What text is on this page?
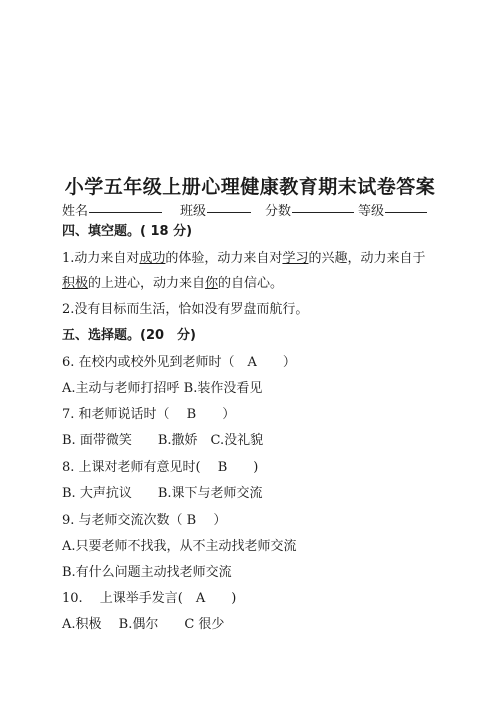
小学五年级上册心理健康教育期末试卷答案
姓名	班级	分数	等级
四、填空题。( 18 分)
1.动力来自对成功的体验，动力来自对学习的兴趣，动力来自于
积极的上进心，动力来自你的自信心。
2.没有目标而生活，恰如没有罗盘而航行。
五、选择题。(20　分)
6. 在校内或校外见到老师时（　A　　）
A.主动与老师打招呼 B.装作没看见
7. 和老师说话时（　 B　　）
B. 面带微笑　　B.撒娇　C.没礼貌
8. 上课对老师有意见时(　 B　　)
B. 大声抗议　　B.课下与老师交流
9. 与老师交流次数（ B　 ）
A.只要老师不找我，从不主动找老师交流
B.有什么问题主动找老师交流
10.　 上课举手发言(　A　　)
A.积极　 B.偶尔　　C 很少
